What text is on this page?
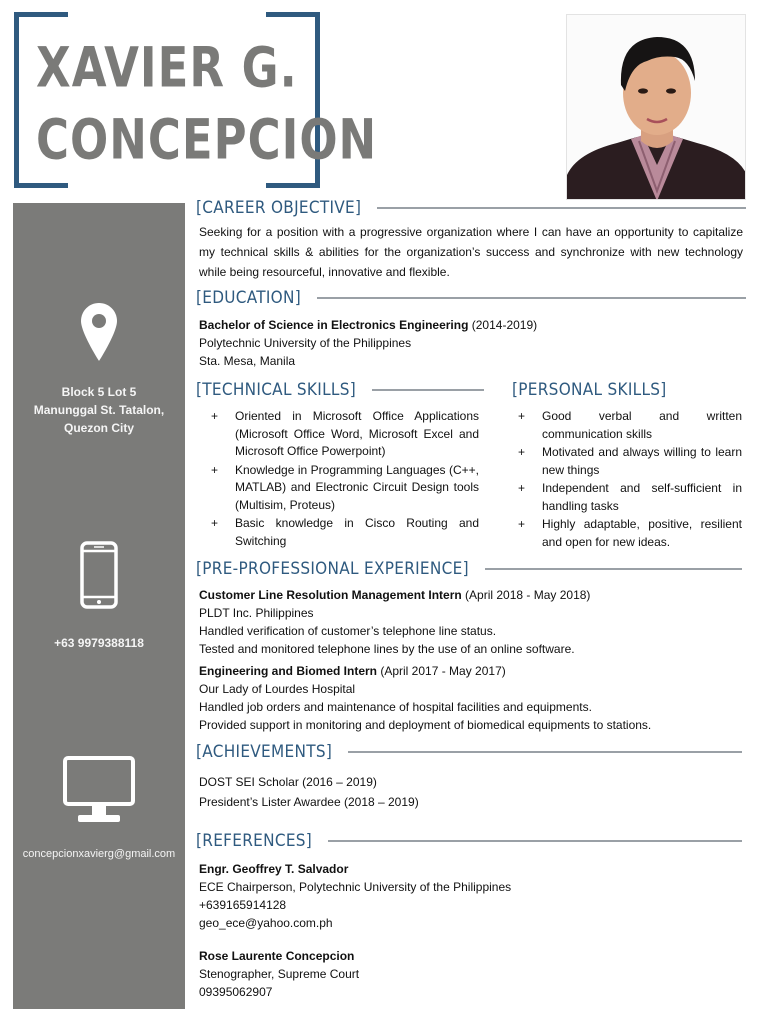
XAVIER G.
CONCEPCION
Block 5 Lot 5
Manunggal St. Tatalon,
Quezon City
+63 9979388118
concepcionxavierg@gmail.com
[CAREER OBJECTIVE]
Seeking for a position with a progressive organization where I can have an opportunity to capitalize my technical skills & abilities for the organization’s success and synchronize with new technology while being resourceful, innovative and flexible.
[EDUCATION]
Bachelor of Science in Electronics Engineering (2014-2019)
Polytechnic University of the Philippines
Sta. Mesa, Manila
[TECHNICAL SKILLS]
+ Oriented in Microsoft Office Applications (Microsoft Office Word, Microsoft Excel and Microsoft Office Powerpoint)
+ Knowledge in Programming Languages (C++, MATLAB) and Electronic Circuit Design tools (Multisim, Proteus)
+ Basic knowledge in Cisco Routing and Switching
[PERSONAL SKILLS]
+ Good verbal and written communication skills
+ Motivated and always willing to learn new things
+ Independent and self-sufficient in handling tasks
+ Highly adaptable, positive, resilient and open for new ideas.
[PRE-PROFESSIONAL EXPERIENCE]
Customer Line Resolution Management Intern (April 2018 - May 2018)
PLDT Inc. Philippines
Handled verification of customer’s telephone line status.
Tested and monitored telephone lines by the use of an online software.
Engineering and Biomed Intern (April 2017 - May 2017)
Our Lady of Lourdes Hospital
Handled job orders and maintenance of hospital facilities and equipments.
Provided support in monitoring and deployment of biomedical equipments to stations.
[ACHIEVEMENTS]
DOST SEI Scholar (2016 – 2019)
President’s Lister Awardee (2018 – 2019)
[REFERENCES]
Engr. Geoffrey T. Salvador
ECE Chairperson, Polytechnic University of the Philippines
+639165914128
geo_ece@yahoo.com.ph
Rose Laurente Concepcion
Stenographer, Supreme Court
09395062907
